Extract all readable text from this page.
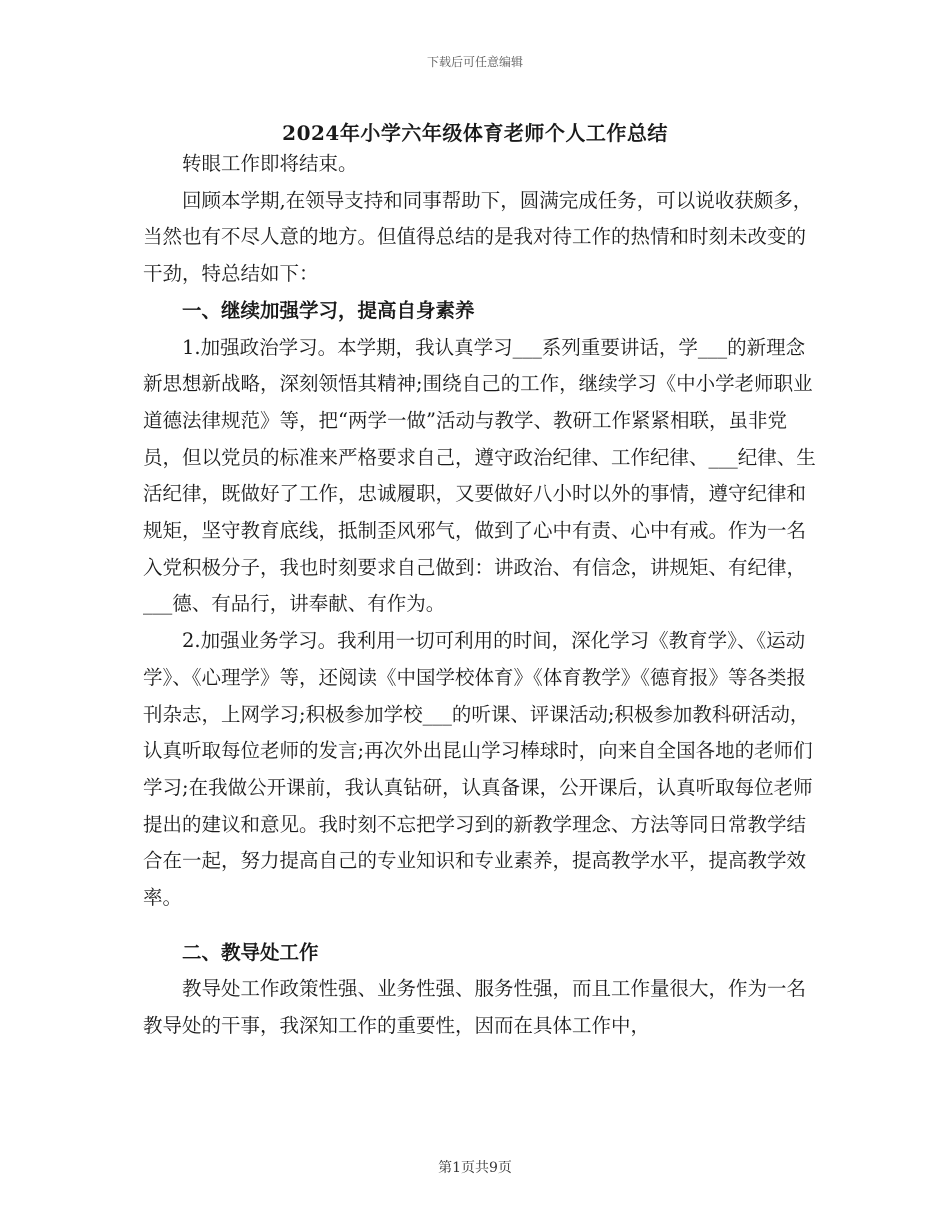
下载后可任意编辑
2024年小学六年级体育老师个人工作总结

转眼工作即将结束。

回顾本学期,在领导支持和同事帮助下，圆满完成任务，可以说收获颇多，当然也有不尽人意的地方。但值得总结的是我对待工作的热情和时刻未改变的干劲，特总结如下：

一、继续加强学习，提高自身素养

1.加强政治学习。本学期，我认真学习___系列重要讲话，学___的新理念新思想新战略，深刻领悟其精神;围绕自己的工作，继续学习《中小学老师职业道德法律规范》等，把“两学一做”活动与教学、教研工作紧紧相联，虽非党员，但以党员的标准来严格要求自己，遵守政治纪律、工作纪律、___纪律、生活纪律，既做好了工作，忠诚履职，又要做好八小时以外的事情，遵守纪律和规矩，坚守教育底线，抵制歪风邪气，做到了心中有责、心中有戒。作为一名入党积极分子，我也时刻要求自己做到：讲政治、有信念，讲规矩、有纪律，___德、有品行，讲奉献、有作为。

2.加强业务学习。我利用一切可利用的时间，深化学习《教育学》、《运动学》、《心理学》等，还阅读《中国学校体育》《体育教学》《德育报》等各类报刊杂志，上网学习;积极参加学校___的听课、评课活动;积极参加教科研活动，认真听取每位老师的发言;再次外出昆山学习棒球时，向来自全国各地的老师们学习;在我做公开课前，我认真钻研，认真备课，公开课后，认真听取每位老师提出的建议和意见。我时刻不忘把学习到的新教学理念、方法等同日常教学结合在一起，努力提高自己的专业知识和专业素养，提高教学水平，提高教学效率。

二、教导处工作

教导处工作政策性强、业务性强、服务性强，而且工作量很大，作为一名教导处的干事，我深知工作的重要性，因而在具体工作中，

第1页共9页
